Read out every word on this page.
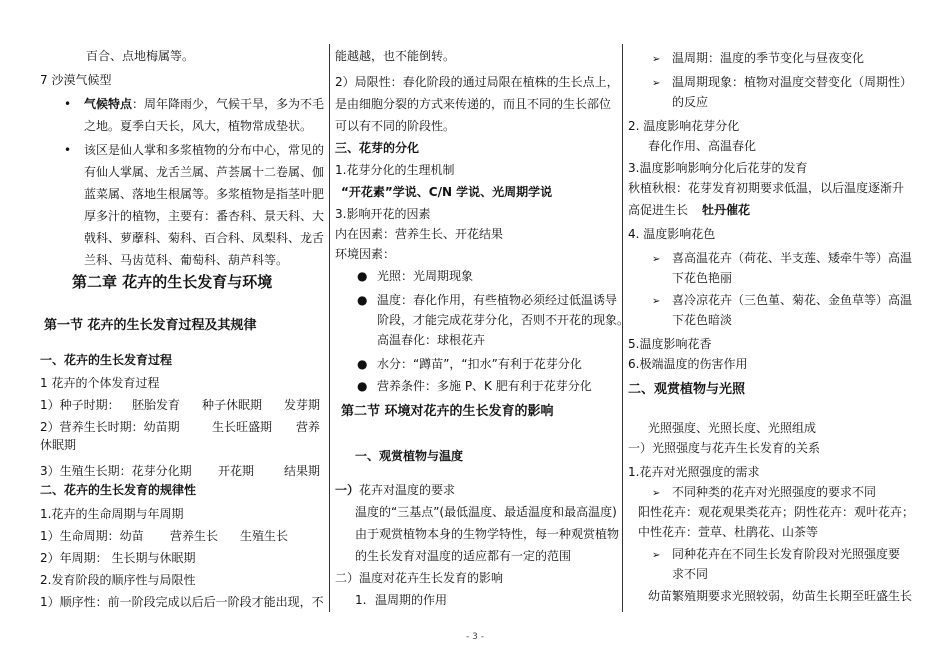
百合、点地梅属等。
7 沙漠气候型
• 气候特点：周年降雨少，气候干旱，多为不毛
之地。夏季白天长，风大，植物常成垫状。
• 该区是仙人掌和多浆植物的分布中心，常见的
有仙人掌属、龙舌兰属、芦荟属十二卷属、伽
蓝菜属、落地生根属等。多浆植物是指茎叶肥
厚多汁的植物，主要有：番杏科、景天科、大
戟科、萝藦科、菊科、百合科、凤梨科、龙舌
兰科、马齿苋科、葡萄科、葫芦科等。
第二章 花卉的生长发育与环境
第一节 花卉的生长发育过程及其规律
一、花卉的生长发育过程
1 花卉的个体发育过程
1）种子时期： 胚胎发育 种子休眠期 发芽期
2）营养生长时期：幼苗期	生长旺盛期 营养
休眠期
3）生殖生长期：花芽分化期 开花期 结果期
二、花卉的生长发育的规律性
1.花卉的生命周期与年周期
1）生命周期：幼苗 营养生长 生殖生长
2）年周期： 生长期与休眠期
2.发育阶段的顺序性与局限性
1）顺序性：前一阶段完成以后后一阶段才能出现，不
能越越，也不能倒转。
2）局限性：春化阶段的通过局限在植株的生长点上，
是由细胞分裂的方式来传递的，而且不同的生长部位
可以有不同的阶段性。
三、花芽的分化
1.花芽分化的生理机制
“开花素”学说、C/N 学说、光周期学说
3.影响开花的因素
内在因素：营养生长、开花结果
环境因素：
● 光照：光周期现象
● 温度：春化作用，有些植物必须经过低温诱导
阶段，才能完成花芽分化，否则不开花的现象。
高温春化：球根花卉
● 水分：“蹲苗”，“扣水”有利于花芽分化
● 营养条件：多施 P、K 肥有利于花芽分化
第二节 环境对花卉的生长发育的影响
一、观赏植物与温度
一）花卉对温度的要求
温度的“三基点”(最低温度、最适温度和最高温度)
由于观赏植物本身的生物学特性，每一种观赏植物
的生长发育对温度的适应都有一定的范围
二）温度对花卉生长发育的影响
1. 温周期的作用
➢ 温周期：温度的季节变化与昼夜变化
➢ 温周期现象：植物对温度交替变化（周期性）
的反应
2. 温度影响花芽分化
春化作用、高温春化
3.温度影响影响分化后花芽的发育
秋植秋根：花芽发育初期要求低温，以后温度逐渐升
高促进生长 牡丹催花
4. 温度影响花色
➢ 喜高温花卉（荷花、半支莲、矮牵牛等）高温
下花色艳丽
➢ 喜冷凉花卉（三色堇、菊花、金鱼草等）高温
下花色暗淡
5.温度影响花香
6.极端温度的伤害作用
二、观赏植物与光照
光照强度、光照长度、光照组成
一）光照强度与花卉生长发育的关系
1.花卉对光照强度的需求
➢ 不同种类的花卉对光照强度的要求不同
阳性花卉：观花观果类花卉；阴性花卉：观叶花卉；
中性花卉：萱草、杜鹃花、山茶等
➢ 同种花卉在不同生长发育阶段对光照强度要
求不同
幼苗繁殖期要求光照较弱，幼苗生长期至旺盛生长
- 3 -
